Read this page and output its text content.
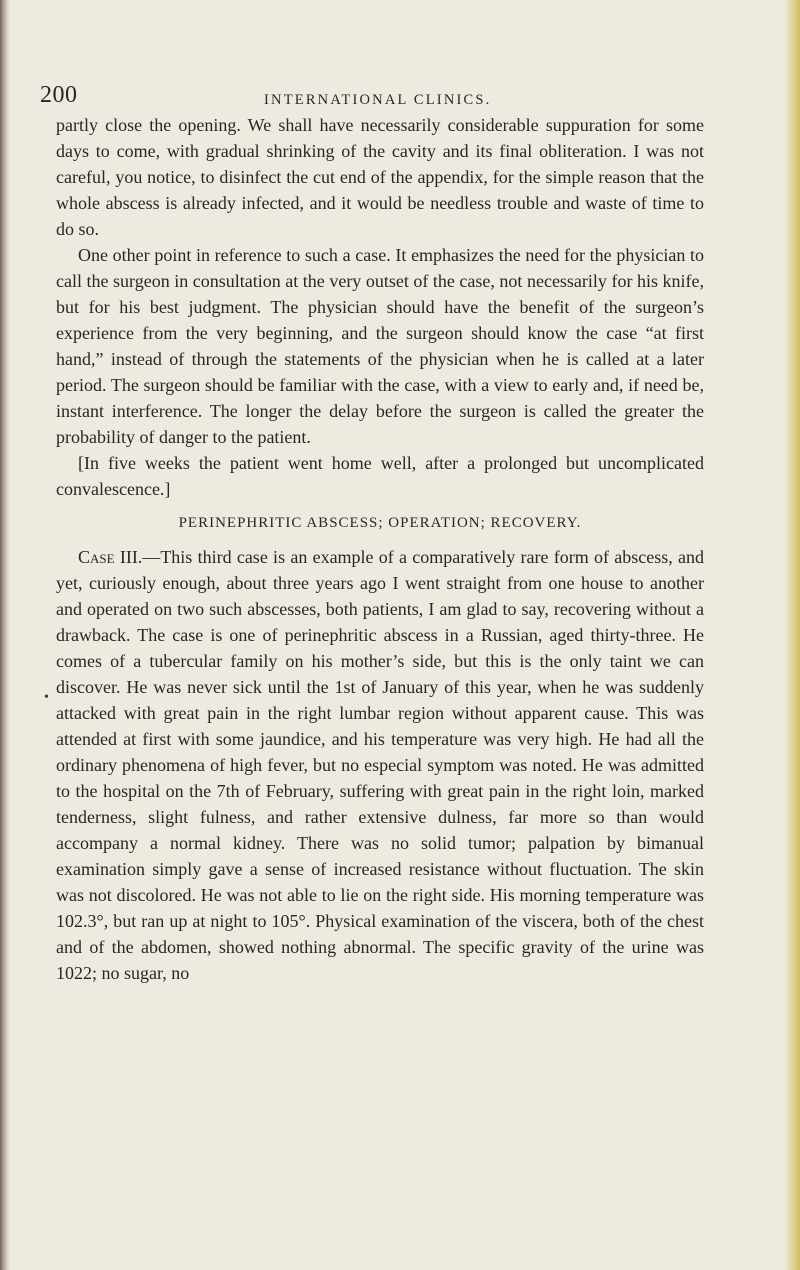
200	INTERNATIONAL CLINICS.
•

partly close the opening. We shall have necessarily considerable suppuration for some days to come, with gradual shrinking of the cavity and its final obliteration. I was not careful, you notice, to disinfect the cut end of the appendix, for the simple reason that the whole abscess is already infected, and it would be needless trouble and waste of time to do so.

One other point in reference to such a case. It emphasizes the need for the physician to call the surgeon in consultation at the very outset of the case, not necessarily for his knife, but for his best judgment. The physician should have the benefit of the surgeon’s experience from the very beginning, and the surgeon should know the case “at first hand,” instead of through the statements of the physician when he is called at a later period. The surgeon should be familiar with the case, with a view to early and, if need be, instant interference. The longer the delay before the surgeon is called the greater the probability of danger to the patient.

[In five weeks the patient went home well, after a prolonged but uncomplicated convalescence.]

PERINEPHRITIC ABSCESS; OPERATION; RECOVERY.

Case III.—This third case is an example of a comparatively rare form of abscess, and yet, curiously enough, about three years ago I went straight from one house to another and operated on two such abscesses, both patients, I am glad to say, recovering without a drawback. The case is one of perinephritic abscess in a Russian, aged thirty-three. He comes of a tubercular family on his mother’s side, but this is the only taint we can discover. He was never sick until the 1st of January of this year, when he was suddenly attacked with great pain in the right lumbar region without apparent cause. This was attended at first with some jaundice, and his temperature was very high. He had all the ordinary phenomena of high fever, but no especial symptom was noted. He was admitted to the hospital on the 7th of February, suffering with great pain in the right loin, marked tenderness, slight fulness, and rather extensive dulness, far more so than would accompany a normal kidney. There was no solid tumor; palpation by bimanual examination simply gave a sense of increased resistance without fluctuation. The skin was not discolored. He was not able to lie on the right side. His morning temperature was 102.3°, but ran up at night to 105°. Physical examination of the viscera, both of the chest and of the abdomen, showed nothing abnormal. The specific gravity of the urine was 1022; no sugar, no
